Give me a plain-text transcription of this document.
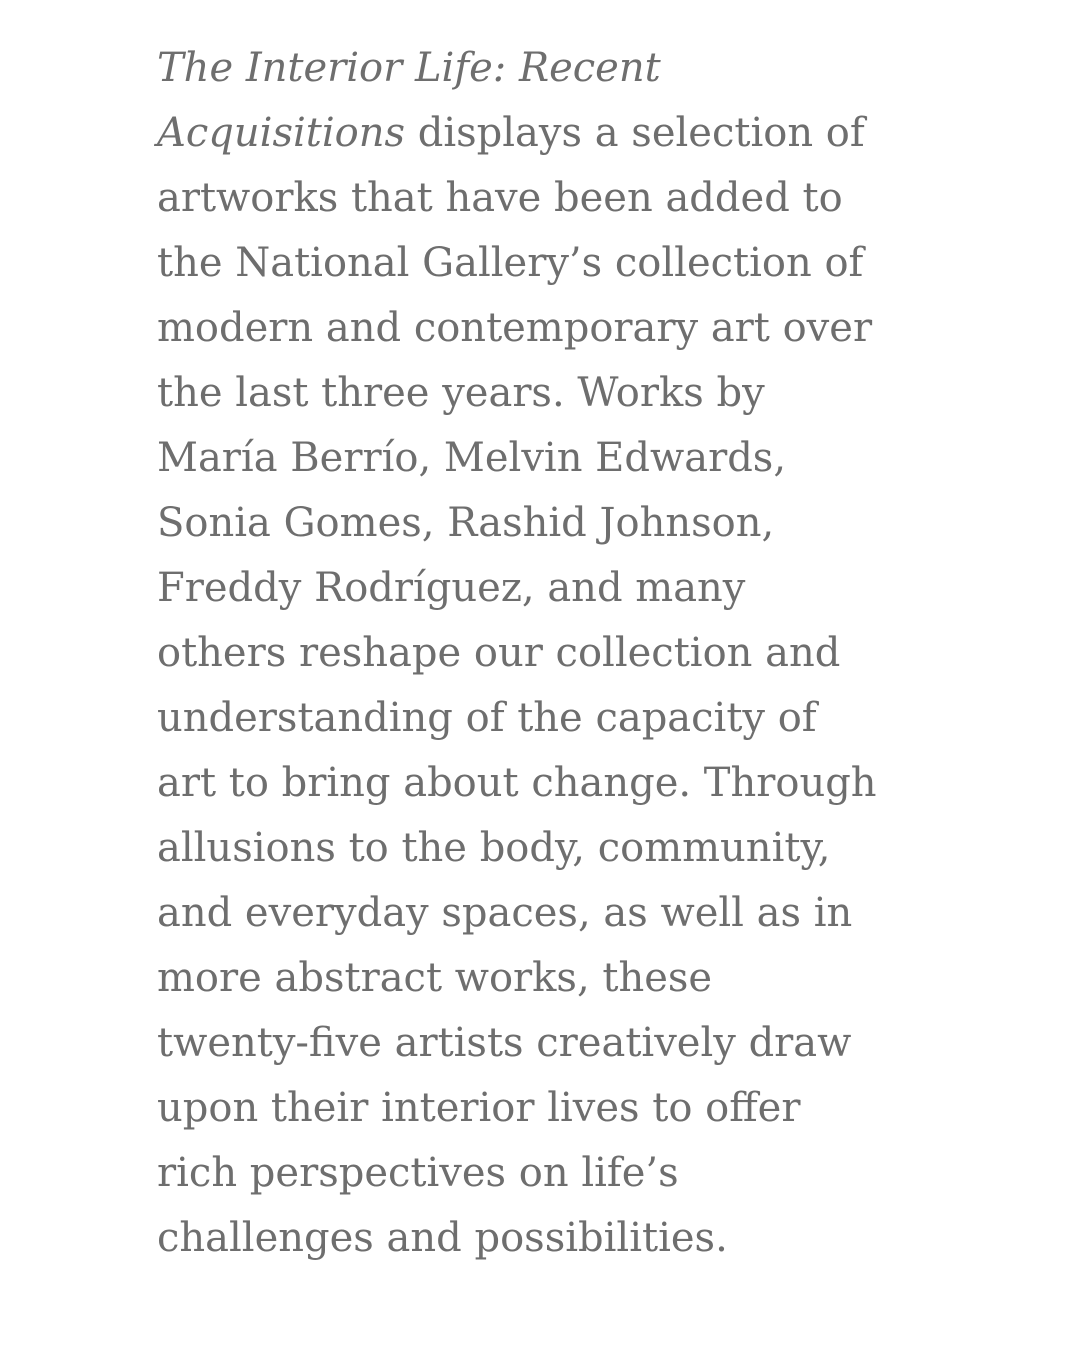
The Interior Life: Recent
Acquisitions displays a selection of
artworks that have been added to
the National Gallery’s collection of
modern and contemporary art over
the last three years. Works by
María Berrío, Melvin Edwards,
Sonia Gomes, Rashid Johnson,
Freddy Rodríguez, and many
others reshape our collection and
understanding of the capacity of
art to bring about change. Through
allusions to the body, community,
and everyday spaces, as well as in
more abstract works, these
twenty-five artists creatively draw
upon their interior lives to offer
rich perspectives on life’s
challenges and possibilities.
